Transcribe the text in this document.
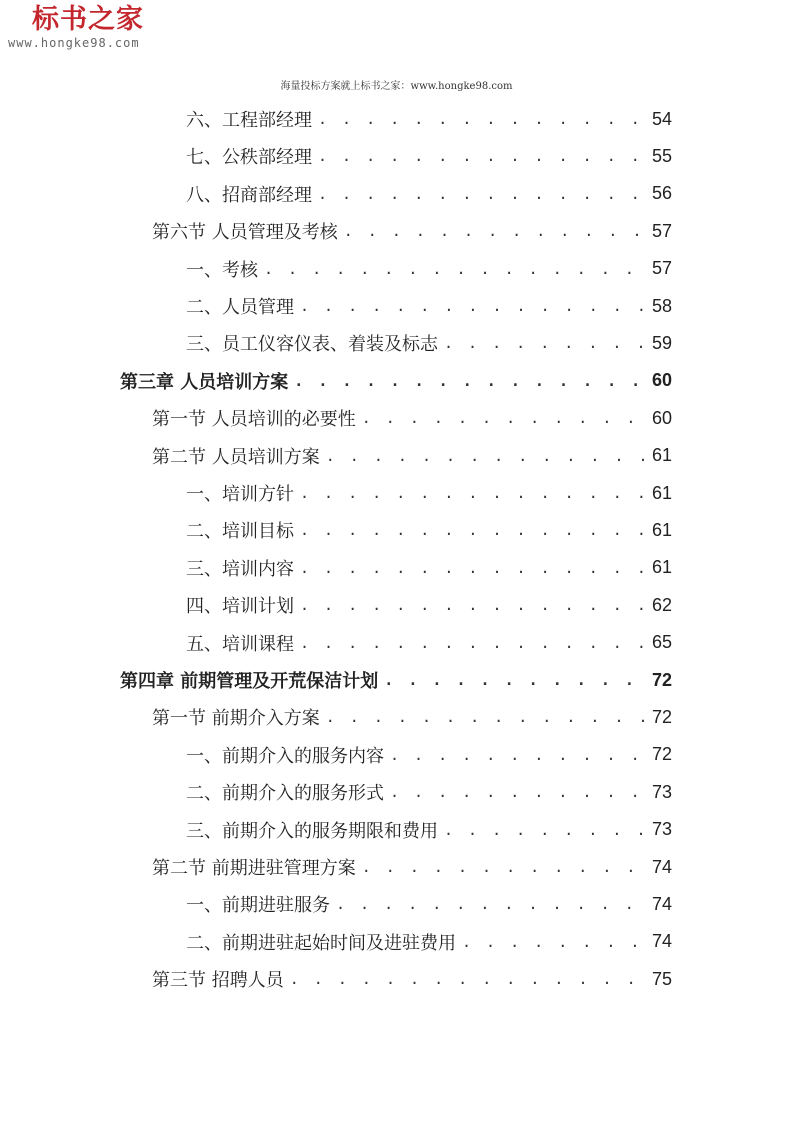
标书之家
www.hongke98.com
海量投标方案就上标书之家：www.hongke98.com
六、工程部经理 . . .	54
七、公秩部经理 . . .	55
八、招商部经理 . . .	56
第六节 人员管理及考核 . . .	57
一、考核 . . .	57
二、人员管理 . . .	58
三、员工仪容仪表、着装及标志 . . .	59
第三章 人员培训方案 . . .	60
第一节 人员培训的必要性 . . .	60
第二节 人员培训方案 . . .	61
一、培训方针 . . .	61
二、培训目标 . . .	61
三、培训内容 . . .	61
四、培训计划 . . .	62
五、培训课程 . . .	65
第四章 前期管理及开荒保洁计划 . . .	72
第一节 前期介入方案 . . .	72
一、前期介入的服务内容 . . .	72
二、前期介入的服务形式 . . .	73
三、前期介入的服务期限和费用 . . .	73
第二节 前期进驻管理方案 . . .	74
一、前期进驻服务 . . .	74
二、前期进驻起始时间及进驻费用 . . .	74
第三节 招聘人员 . . .	75
